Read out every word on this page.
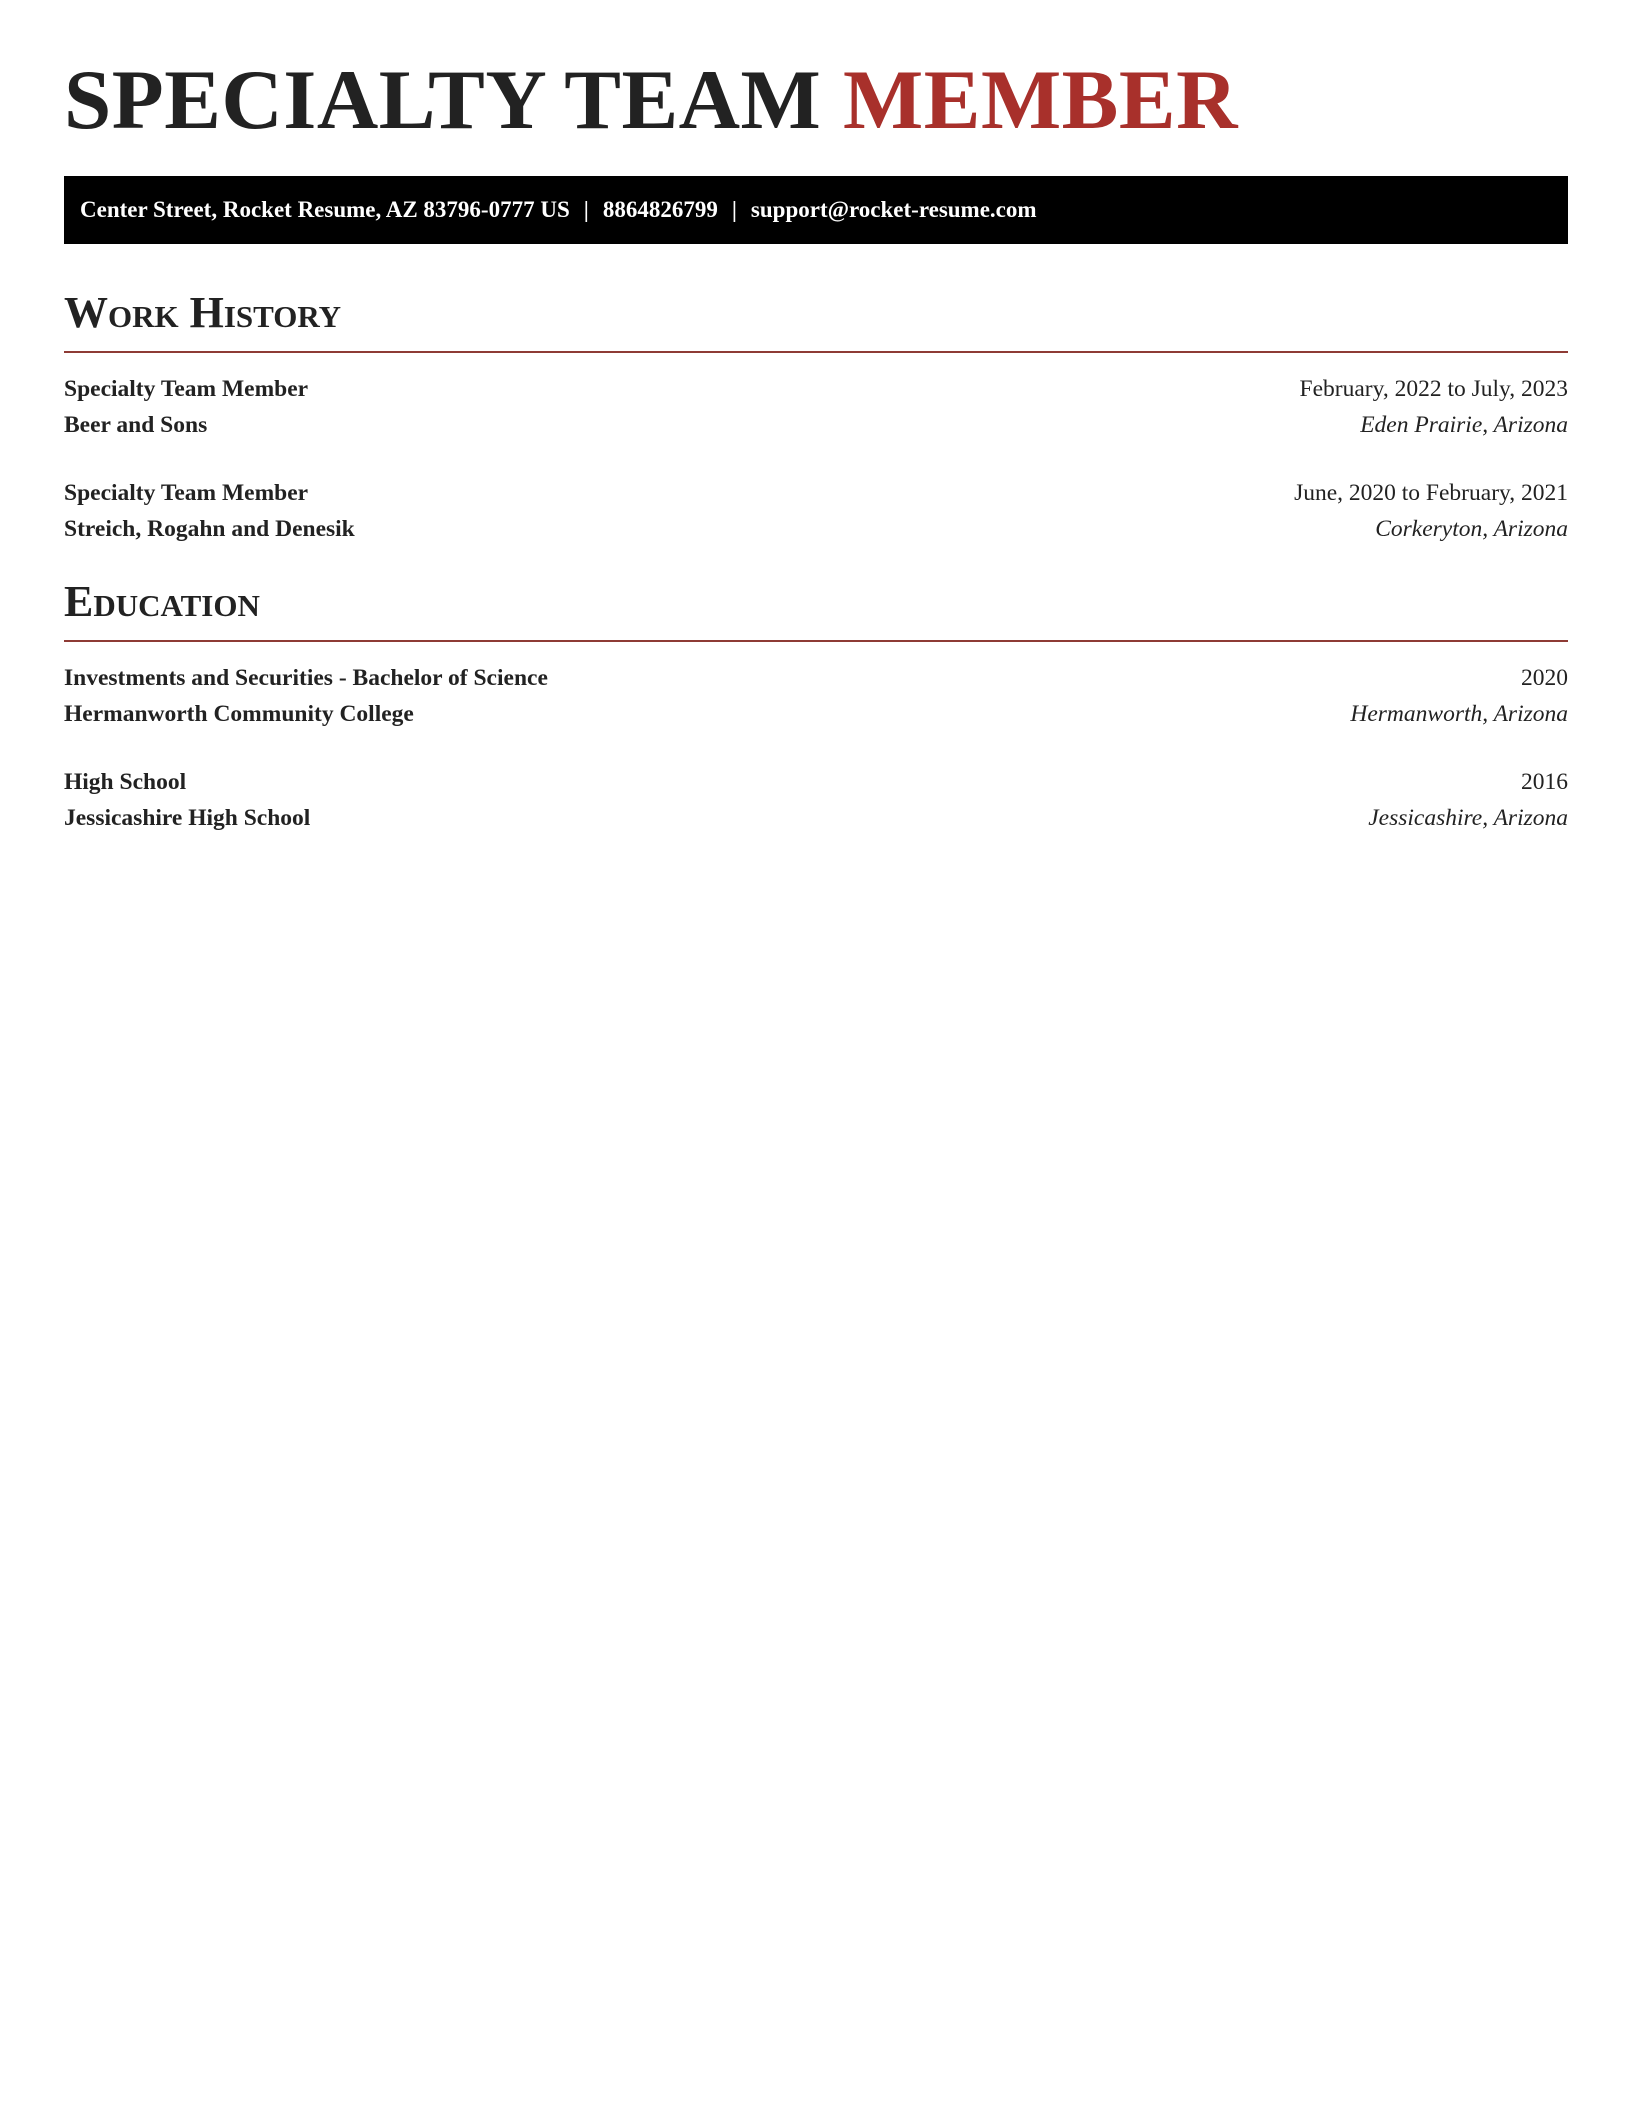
SPECIALTY TEAM MEMBER
Center Street, Rocket Resume, AZ 83796-0777 US | 8864826799 | support@rocket-resume.com
Work History
Specialty Team Member	February, 2022 to July, 2023
Beer and Sons	Eden Prairie, Arizona
Specialty Team Member	June, 2020 to February, 2021
Streich, Rogahn and Denesik	Corkeryton, Arizona
Education
Investments and Securities - Bachelor of Science	2020
Hermanworth Community College	Hermanworth, Arizona
High School	2016
Jessicashire High School	Jessicashire, Arizona
